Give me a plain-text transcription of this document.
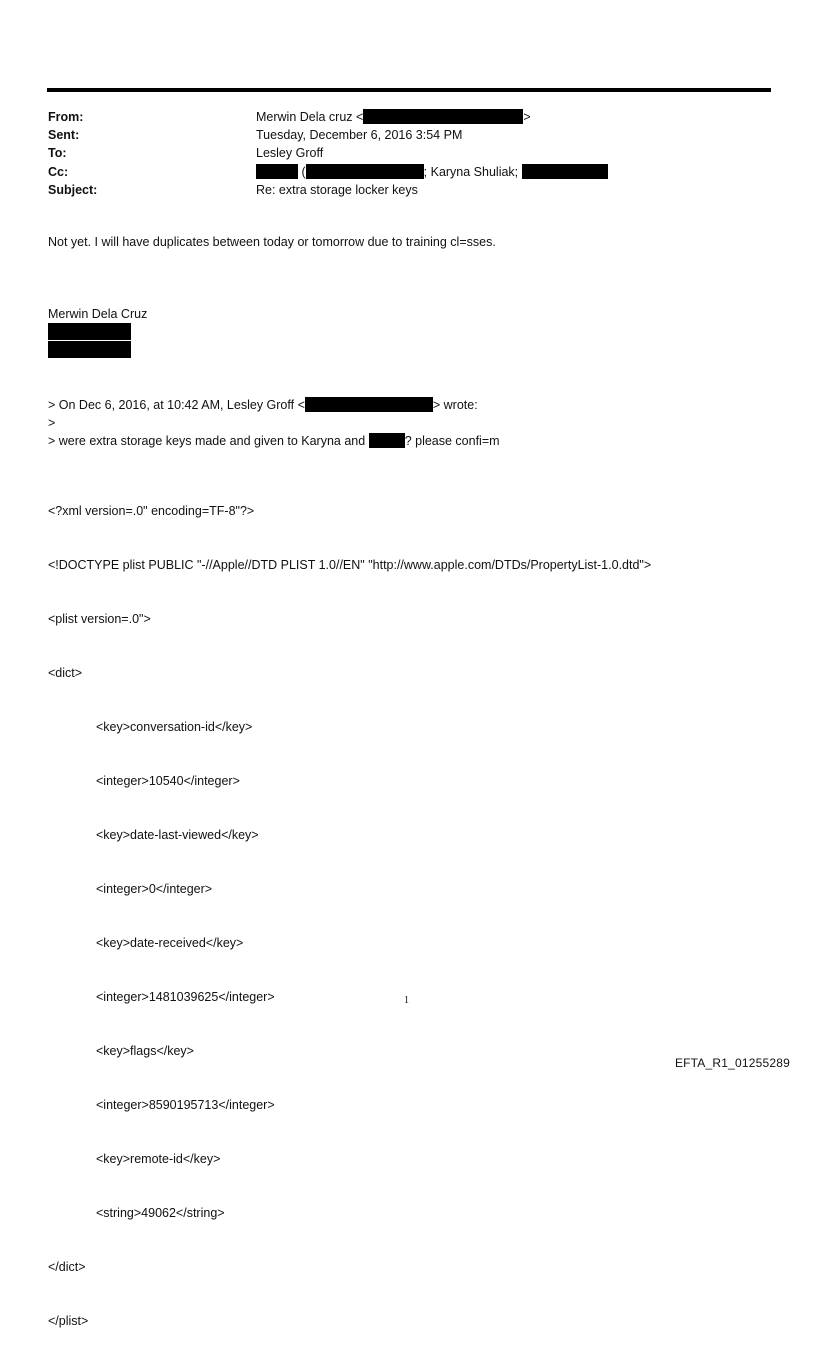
From:	Merwin Dela cruz <	>
Sent:	Tuesday, December 6, 2016 3:54 PM
To:	Lesley Groff
Cc:	(	; Karyna Shuliak;
Subject:	Re: extra storage locker keys
Not yet. I will have duplicates between today or tomorrow due to training cl=sses.
Merwin Dela Cruz
> On Dec 6, 2016, at 10:42 AM, Lesley Groff <	> wrote:
>
> were extra storage keys made and given to Karyna and	? please confi=m

<?xml version=.0" encoding=TF-8"?>

<!DOCTYPE plist PUBLIC "-//Apple//DTD PLIST 1.0//EN" "http://www.apple.com/DTDs/PropertyList-1.0.dtd">

<plist version=.0">

<dict>

<key>conversation-id</key>

<integer>10540</integer>

<key>date-last-viewed</key>

<integer>0</integer>

<key>date-received</key>

<integer>1481039625</integer>

<key>flags</key>

<integer>8590195713</integer>

<key>remote-id</key>

<string>49062</string>

</dict>

</plist>

1
EFTA_R1_01255289
